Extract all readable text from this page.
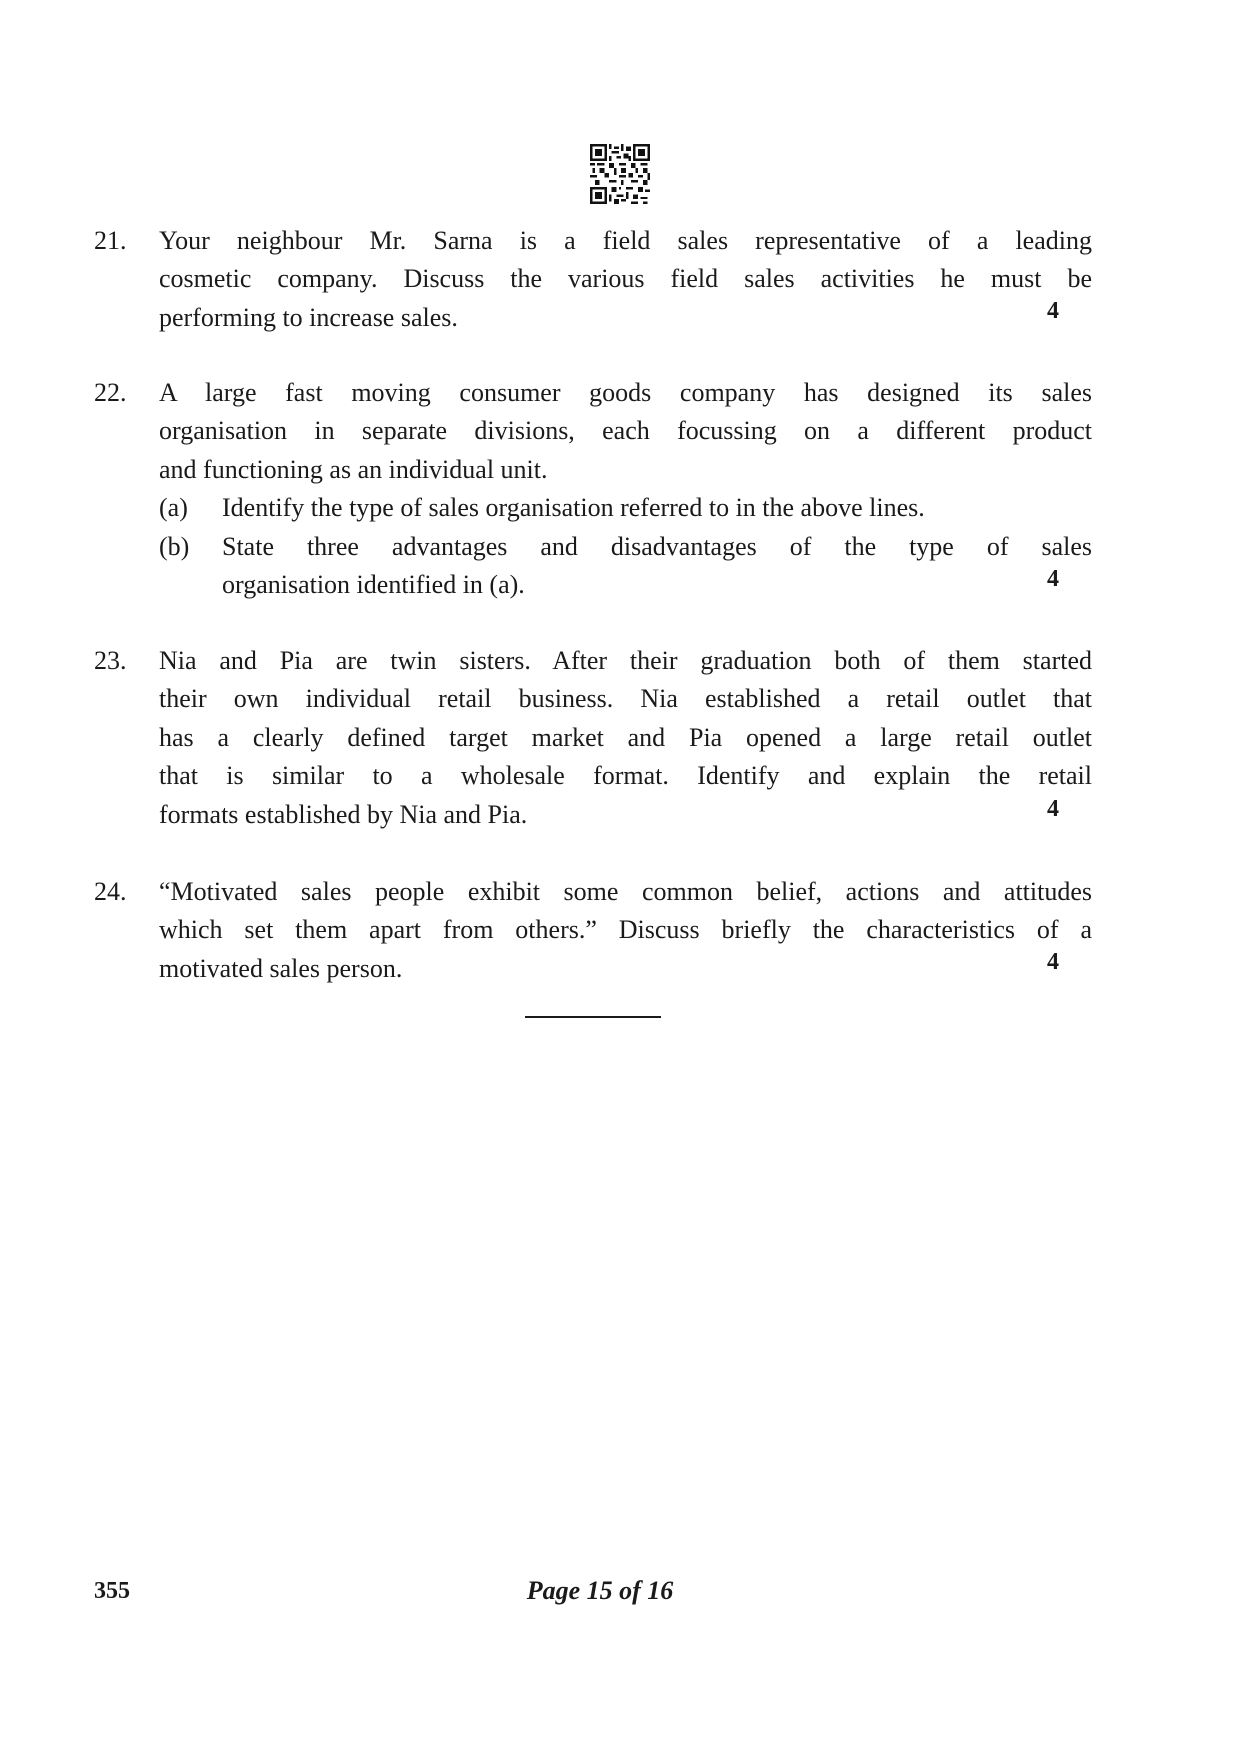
21.	Your neighbour Mr. Sarna is a field sales representative of a leading
cosmetic company. Discuss the various field sales activities he must be
performing to increase sales.	4
22.	A large fast moving consumer goods company has designed its sales
organisation in separate divisions, each focussing on a different product
and functioning as an individual unit.
(a) Identify the type of sales organisation referred to in the above lines.
(b) State three advantages and disadvantages of the type of sales
organisation identified in (a).	4
23.	Nia and Pia are twin sisters. After their graduation both of them started
their own individual retail business. Nia established a retail outlet that
has a clearly defined target market and Pia opened a large retail outlet
that is similar to a wholesale format. Identify and explain the retail
formats established by Nia and Pia.	4
24.	“Motivated sales people exhibit some common belief, actions and attitudes
which set them apart from others.” Discuss briefly the characteristics of a
motivated sales person.	4
355	Page 15 of 16
